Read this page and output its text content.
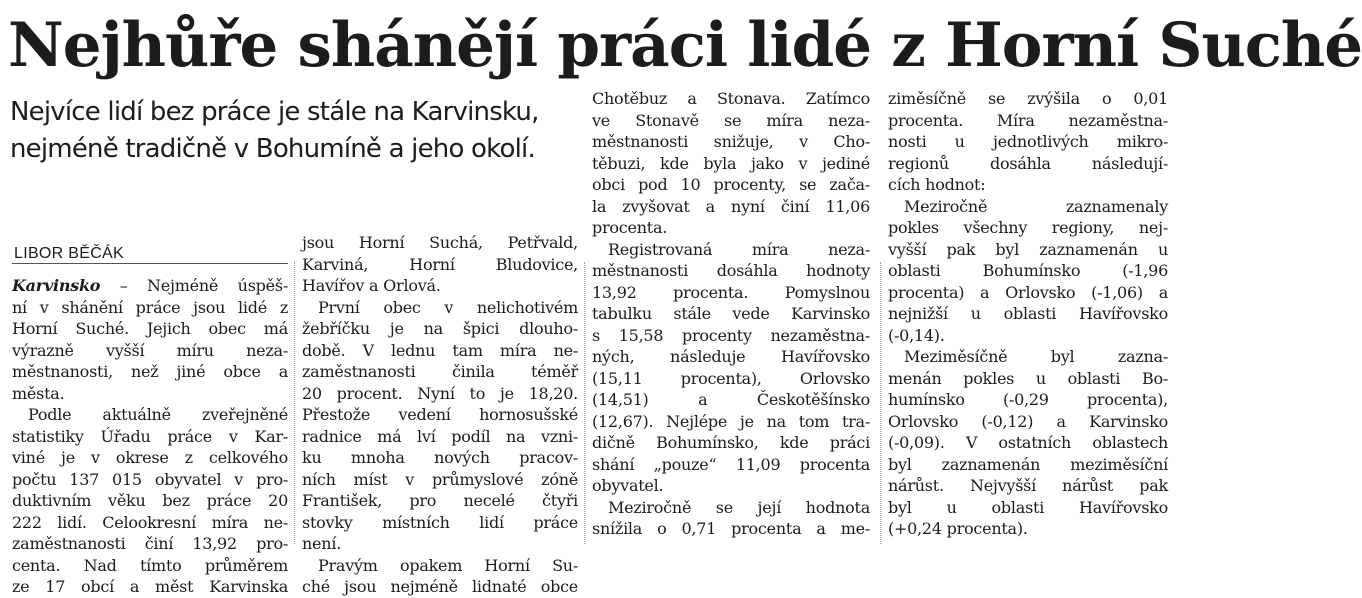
Nejhůře shánějí práci lidé z Horní Suché
Nejvíce lidí bez práce je stále na Karvinsku,
nejméně tradičně v Bohumíně a jeho okolí.
LIBOR BĚČÁK
Karvinsko – Nejméně úspěš-
ní v shánění práce jsou lidé z
Horní Suché. Jejich obec má
výrazně vyšší míru neza-
městnanosti, než jiné obce a
města.
Podle aktuálně zveřejněné
statistiky Úřadu práce v Kar-
viné je v okrese z celkového
počtu 137 015 obyvatel v pro-
duktivním věku bez práce 20
222 lidí. Celookresní míra ne-
zaměstnanosti činí 13,92 pro-
centa. Nad tímto průměrem
ze 17 obcí a měst Karvinska
jsou Horní Suchá, Petřvald,
Karviná, Horní Bludovice,
Havířov a Orlová.
První obec v nelichotivém
žebříčku je na špici dlouho-
době. V lednu tam míra ne-
zaměstnanosti činila téměř
20 procent. Nyní to je 18,20.
Přestože vedení hornosušské
radnice má lví podíl na vzni-
ku mnoha nových pracov-
ních míst v průmyslové zóně
František, pro necelé čtyři
stovky místních lidí práce
není.
Pravým opakem Horní Su-
ché jsou nejméně lidnaté obce
Chotěbuz a Stonava. Zatímco
ve Stonavě se míra neza-
městnanosti snižuje, v Cho-
těbuzi, kde byla jako v jediné
obci pod 10 procenty, se zača-
la zvyšovat a nyní činí 11,06
procenta.
Registrovaná míra neza-
městnanosti dosáhla hodnoty
13,92 procenta. Pomyslnou
tabulku stále vede Karvinsko
s 15,58 procenty nezaměstna-
ných, následuje Havířovsko
(15,11 procenta), Orlovsko
(14,51) a Českotěšínsko
(12,67). Nejlépe je na tom tra-
dičně Bohumínsko, kde práci
shání „pouze“ 11,09 procenta
obyvatel.
Meziročně se její hodnota
snížila o 0,71 procenta a me-
ziměsíčně se zvýšila o 0,01
procenta. Míra nezaměstna-
nosti u jednotlivých mikro-
regionů dosáhla následují-
cích hodnot:
Meziročně zaznamenaly
pokles všechny regiony, nej-
vyšší pak byl zaznamenán u
oblasti Bohumínsko (-1,96
procenta) a Orlovsko (-1,06) a
nejnižší u oblasti Havířovsko
(-0,14).
Meziměsíčně byl zazna-
menán pokles u oblasti Bo-
humínsko (-0,29 procenta),
Orlovsko (-0,12) a Karvinsko
(-0,09). V ostatních oblastech
byl zaznamenán meziměsíční
nárůst. Nejvyšší nárůst pak
byl u oblasti Havířovsko
(+0,24 procenta).
